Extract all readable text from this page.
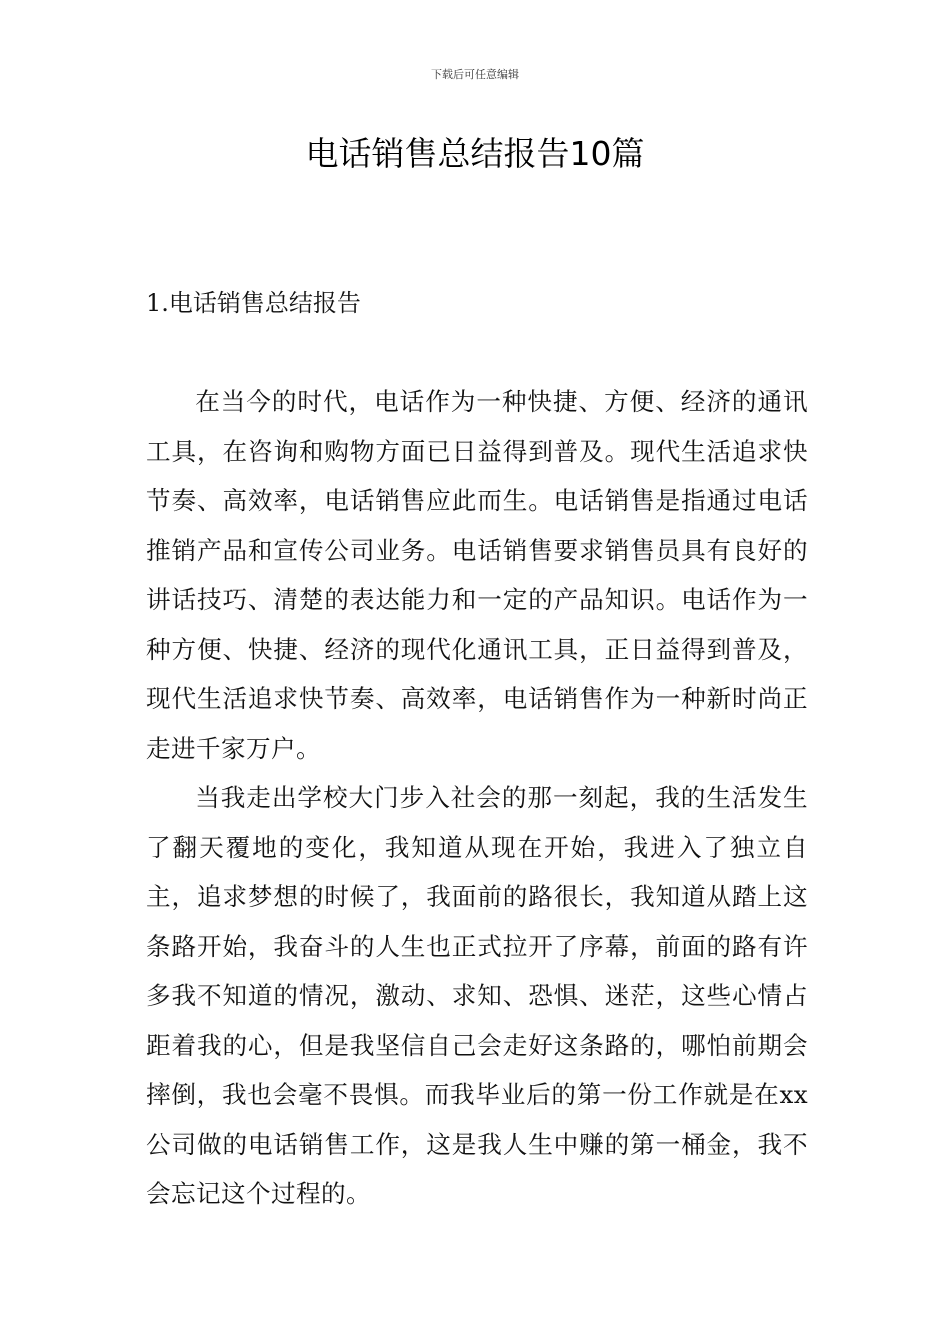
下载后可任意编辑
电话销售总结报告10篇
1.电话销售总结报告

在当今的时代，电话作为一种快捷、方便、经济的通讯工具，在咨询和购物方面已日益得到普及。现代生活追求快节奏、高效率，电话销售应此而生。电话销售是指通过电话推销产品和宣传公司业务。电话销售要求销售员具有良好的讲话技巧、清楚的表达能力和一定的产品知识。电话作为一种方便、快捷、经济的现代化通讯工具，正日益得到普及，现代生活追求快节奏、高效率，电话销售作为一种新时尚正走进千家万户。

当我走出学校大门步入社会的那一刻起，我的生活发生了翻天覆地的变化，我知道从现在开始，我进入了独立自主，追求梦想的时候了，我面前的路很长，我知道从踏上这条路开始，我奋斗的人生也正式拉开了序幕，前面的路有许多我不知道的情况，激动、求知、恐惧、迷茫，这些心情占距着我的心，但是我坚信自己会走好这条路的，哪怕前期会摔倒，我也会毫不畏惧。而我毕业后的第一份工作就是在xx公司做的电话销售工作，这是我人生中赚的第一桶金，我不会忘记这个过程的。
